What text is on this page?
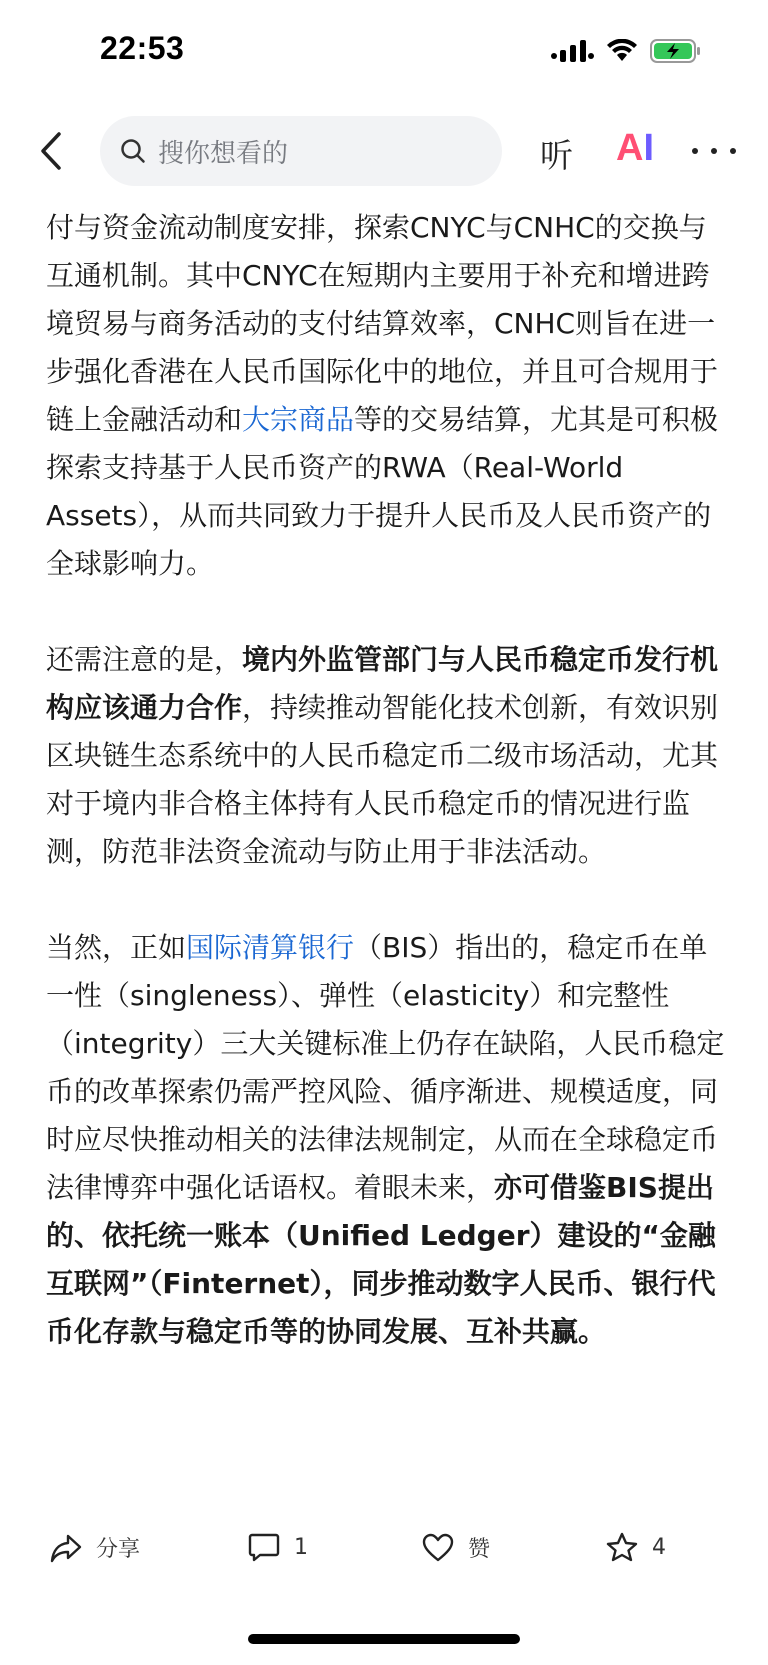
22:53
搜你想看的	听 AI

付与资金流动制度安排，探索CNYC与CNHC的交换与互通机制。其中CNYC在短期内主要用于补充和增进跨境贸易与商务活动的支付结算效率，CNHC则旨在进一步强化香港在人民币国际化中的地位，并且可合规用于链上金融活动和大宗商品等的交易结算，尤其是可积极探索支持基于人民币资产的RWA（Real-World Assets），从而共同致力于提升人民币及人民币资产的全球影响力。

还需注意的是，境内外监管部门与人民币稳定币发行机构应该通力合作，持续推动智能化技术创新，有效识别区块链生态系统中的人民币稳定币二级市场活动，尤其对于境内非合格主体持有人民币稳定币的情况进行监测，防范非法资金流动与防止用于非法活动。

当然，正如国际清算银行（BIS）指出的，稳定币在单一性（singleness）、弹性（elasticity）和完整性（integrity）三大关键标准上仍存在缺陷，人民币稳定币的改革探索仍需严控风险、循序渐进、规模适度，同时应尽快推动相关的法律法规制定，从而在全球稳定币法律博弈中强化话语权。着眼未来，亦可借鉴BIS提出的、依托统一账本（Unified Ledger）建设的“金融互联网”（Finternet），同步推动数字人民币、银行代币化存款与稳定币等的协同发展、互补共赢。

分享	1	赞	4
